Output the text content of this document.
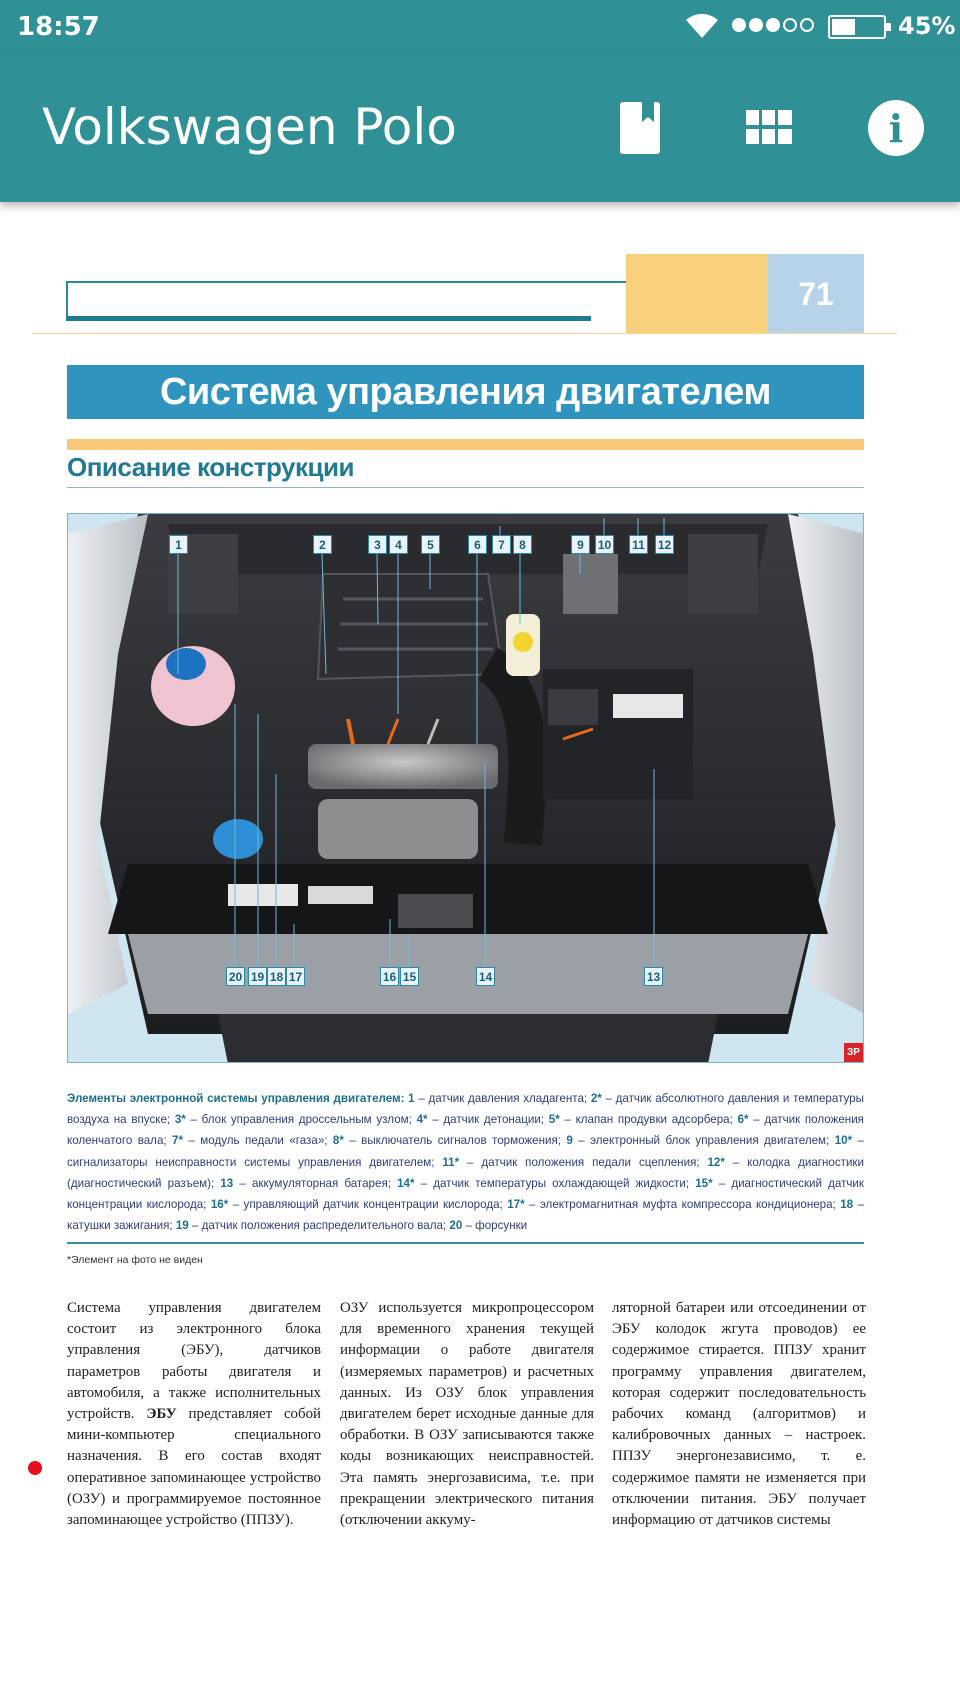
18:57	45%
Volkswagen Polo	i
71
Система управления двигателем
Описание конструкции
1	2	3	4	5	6	7	8	9	10 11 12
20 19 18 17	16 15	14	13
ЗР
Элементы электронной системы управления двигателем: 1 – датчик давления хладагента; 2* – датчик абсолютного давления и температуры воздуха на впуске; 3* – блок управления дроссельным узлом; 4* – датчик детонации; 5* – клапан продувки адсорбера; 6* – датчик положения коленчатого вала; 7* – модуль педали «газа»; 8* – выключатель сигналов торможения; 9 – электронный блок управления двигателем; 10* – сигнализаторы неисправности системы управления двигателем; 11* – датчик положения педали сцепления; 12* – колодка диагностики (диагностический разъем); 13 – аккумуляторная батарея; 14* – датчик температуры охлаждающей жидкости; 15* – диагностический датчик концентрации кислорода; 16* – управляющий датчик концентрации кислорода; 17* – электромагнитная муфта компрессора кондиционера; 18 – катушки зажигания; 19 – датчик положения распределительного вала; 20 – форсунки
*Элемент на фото не виден
Система управления двигателем состоит из электронного блока управления (ЭБУ), датчиков параметров работы двигателя и автомобиля, а также исполнительных устройств. ЭБУ представляет собой мини-компьютер специального назначения. В его состав входят оперативное запоминающее устройство (ОЗУ) и программируемое постоянное запоминающее устройство (ППЗУ).
ОЗУ используется микропроцессором для временного хранения текущей информации о работе двигателя (измеряемых параметров) и расчетных данных. Из ОЗУ блок управления двигателем берет исходные данные для обработки. В ОЗУ записываются также коды возникающих неисправностей. Эта память энергозависима, т.е. при прекращении электрического питания (отключении аккуму-
ляторной батареи или отсоединении от ЭБУ колодок жгута проводов) ее содержимое стирается. ППЗУ хранит программу управления двигателем, которая содержит последовательность рабочих команд (алгоритмов) и калибровочных данных – настроек. ППЗУ энергонезависимо, т. е. содержимое памяти не изменяется при отключении питания. ЭБУ получает информацию от датчиков системы
